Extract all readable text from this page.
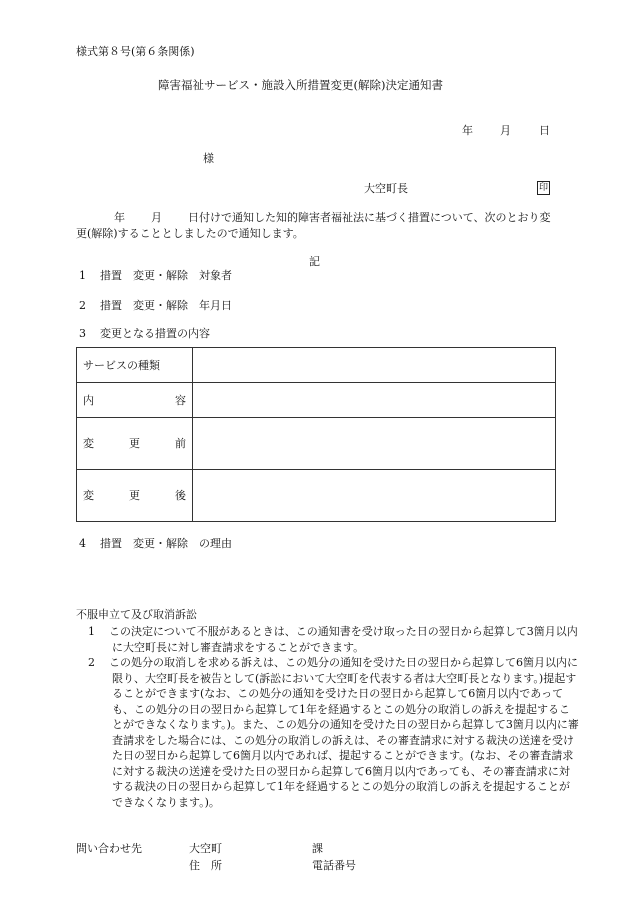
様式第８号(第６条関係)
障害福祉サービス・施設入所措置変更(解除)決定通知書
年 月	日
様
大空町長	印
年 月 日付けで通知した知的障害者福祉法に基づく措置について、次のとおり変更(解除)することとしましたので通知します。
記
1 措置　変更・解除　対象者
2 措置　変更・解除　年月日
3 変更となる措置の内容
サービスの種類	

内 容	

変 更 前	

変 更 後	

4 措置　変更・解除　の理由
不服申立て及び取消訴訟
1 この決定について不服があるときは、この通知書を受け取った日の翌日から起算して3箇月以内に大空町長に対し審査請求をすることができます。
2 この処分の取消しを求める訴えは、この処分の通知を受けた日の翌日から起算して6箇月以内に限り、大空町長を被告として(訴訟において大空町を代表する者は大空町長となります。)提起することができます(なお、この処分の通知を受けた日の翌日から起算して6箇月以内であっても、この処分の日の翌日から起算して1年を経過するとこの処分の取消しの訴えを提起することができなくなります。)。また、この処分の通知を受けた日の翌日から起算して3箇月以内に審査請求をした場合には、この処分の取消しの訴えは、その審査請求に対する裁決の送達を受けた日の翌日から起算して6箇月以内であれば、提起することができます。(なお、その審査請求に対する裁決の送達を受けた日の翌日から起算して6箇月以内であっても、その審査請求に対する裁決の日の翌日から起算して1年を経過するとこの処分の取消しの訴えを提起することができなくなります。)。
問い合わせ先	大空町	課
住　所	電話番号
